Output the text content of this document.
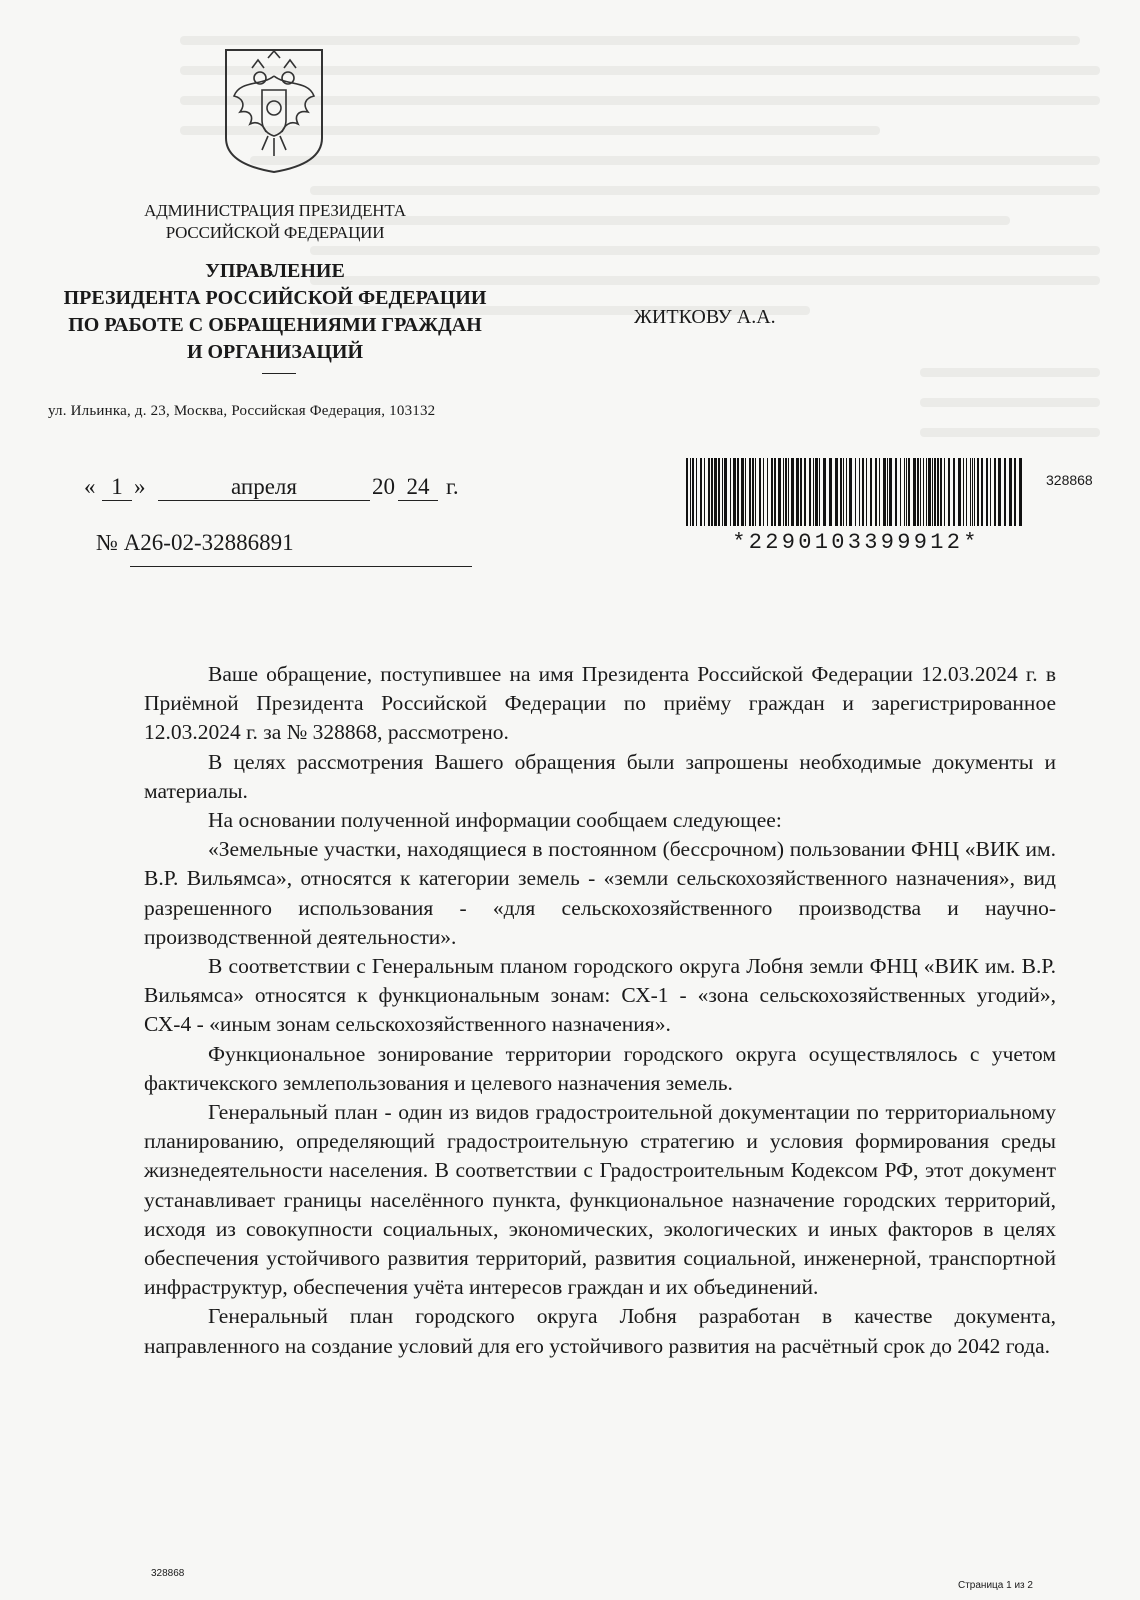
АДМИНИСТРАЦИЯ ПРЕЗИДЕНТА
РОССИЙСКОЙ ФЕДЕРАЦИИ
УПРАВЛЕНИЕ
ПРЕЗИДЕНТА РОССИЙСКОЙ ФЕДЕРАЦИИ
ПО РАБОТЕ С ОБРАЩЕНИЯМИ ГРАЖДАН
И ОРГАНИЗАЦИЙ
ул. Ильинка, д. 23, Москва, Российская Федерация, 103132
ЖИТКОВУ А.А.
« 1 »	апреля	20 24 г.
№ А26-02-32886891	*2290103399912*
328868

Ваше обращение, поступившее на имя Президента Российской Федерации 12.03.2024 г. в Приёмной Президента Российской Федерации по приёму граждан и зарегистрированное 12.03.2024 г. за № 328868, рассмотрено.

В целях рассмотрения Вашего обращения были запрошены необходимые документы и материалы.

На основании полученной информации сообщаем следующее:

«Земельные участки, находящиеся в постоянном (бессрочном) пользовании ФНЦ «ВИК им. В.Р. Вильямса», относятся к категории земель - «земли сельскохозяйственного назначения», вид разрешенного использования - «для сельскохозяйственного производства и научно-производственной деятельности».

В соответствии с Генеральным планом городского округа Лобня земли ФНЦ «ВИК им. В.Р. Вильямса» относятся к функциональным зонам: СХ-1 - «зона сельскохозяйственных угодий», СХ-4 - «иным зонам сельскохозяйственного назначения».

Функциональное зонирование территории городского округа осуществлялось с учетом фактичекского землепользования и целевого назначения земель.

Генеральный план - один из видов градостроительной документации по территориальному планированию, определяющий градостроительную стратегию и условия формирования среды жизнедеятельности населения. В соответствии с Градостроительным Кодексом РФ, этот документ устанавливает границы населённого пункта, функциональное назначение городских территорий, исходя из совокупности социальных, экономических, экологических и иных факторов в целях обеспечения устойчивого развития территорий, развития социальной, инженерной, транспортной инфраструктур, обеспечения учёта интересов граждан и их объединений.

Генеральный план городского округа Лобня разработан в качестве документа, направленного на создание условий для его устойчивого развития на расчётный срок до 2042 года.

328868
Страница 1 из 2
